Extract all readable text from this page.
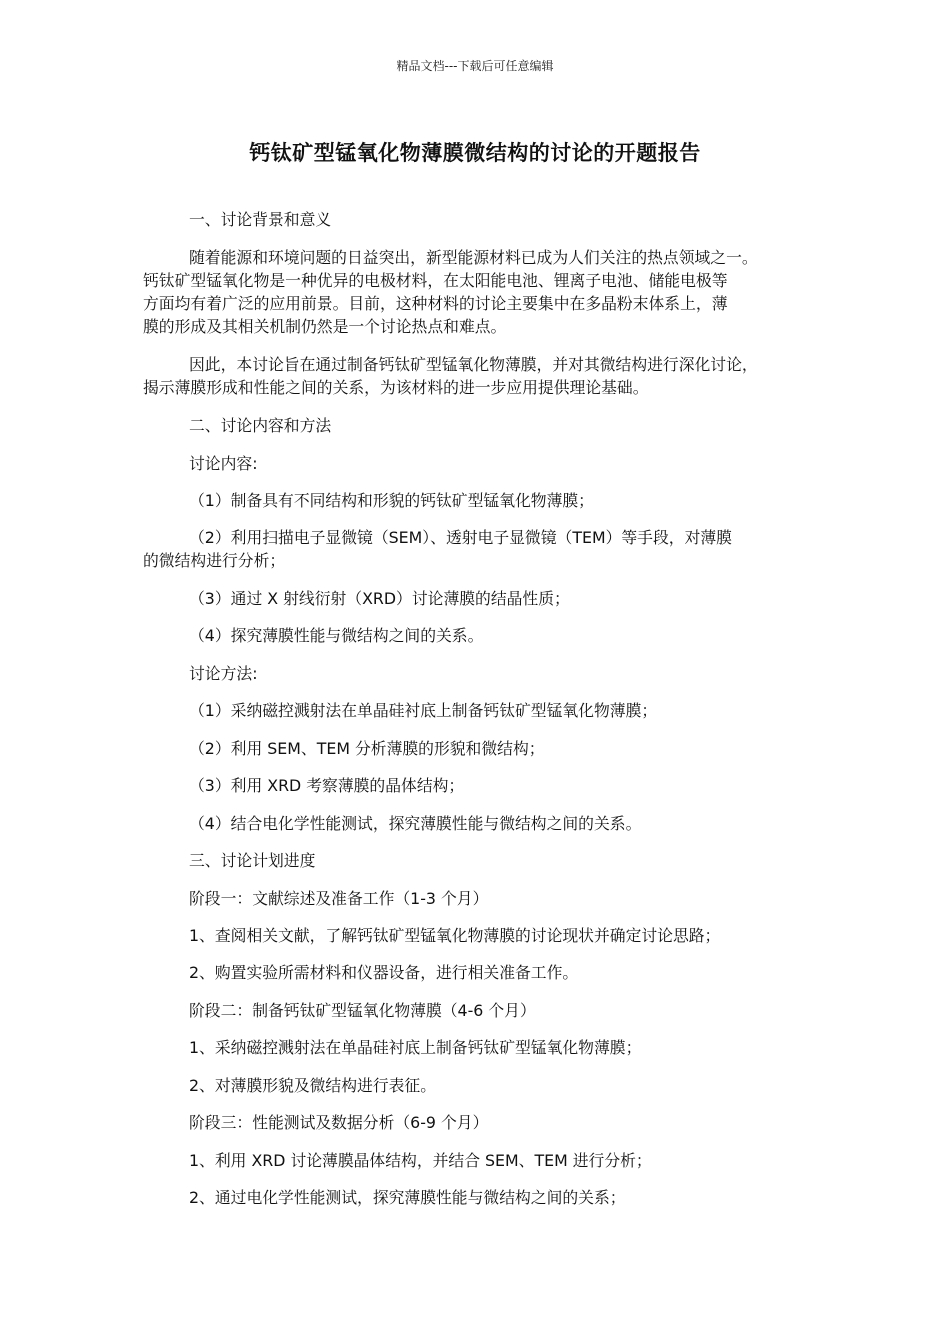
精品文档---下载后可任意编辑
钙钛矿型锰氧化物薄膜微结构的讨论的开题报告
一、讨论背景和意义
随着能源和环境问题的日益突出，新型能源材料已成为人们关注的热点领域之一。
钙钛矿型锰氧化物是一种优异的电极材料，在太阳能电池、锂离子电池、储能电极等
方面均有着广泛的应用前景。目前，这种材料的讨论主要集中在多晶粉末体系上，薄
膜的形成及其相关机制仍然是一个讨论热点和难点。
因此，本讨论旨在通过制备钙钛矿型锰氧化物薄膜，并对其微结构进行深化讨论，
揭示薄膜形成和性能之间的关系，为该材料的进一步应用提供理论基础。
二、讨论内容和方法
讨论内容:
（1）制备具有不同结构和形貌的钙钛矿型锰氧化物薄膜；
（2）利用扫描电子显微镜（SEM）、透射电子显微镜（TEM）等手段，对薄膜
的微结构进行分析；
（3）通过 X 射线衍射（XRD）讨论薄膜的结晶性质；
（4）探究薄膜性能与微结构之间的关系。
讨论方法:
（1）采纳磁控溅射法在单晶硅衬底上制备钙钛矿型锰氧化物薄膜；
（2）利用 SEM、TEM 分析薄膜的形貌和微结构；
（3）利用 XRD 考察薄膜的晶体结构；
（4）结合电化学性能测试，探究薄膜性能与微结构之间的关系。
三、讨论计划进度
阶段一：文献综述及准备工作（1-3 个月）
1、查阅相关文献，了解钙钛矿型锰氧化物薄膜的讨论现状并确定讨论思路；
2、购置实验所需材料和仪器设备，进行相关准备工作。
阶段二：制备钙钛矿型锰氧化物薄膜（4-6 个月）
1、采纳磁控溅射法在单晶硅衬底上制备钙钛矿型锰氧化物薄膜；
2、对薄膜形貌及微结构进行表征。
阶段三：性能测试及数据分析（6-9 个月）
1、利用 XRD 讨论薄膜晶体结构，并结合 SEM、TEM 进行分析；
2、通过电化学性能测试，探究薄膜性能与微结构之间的关系；
